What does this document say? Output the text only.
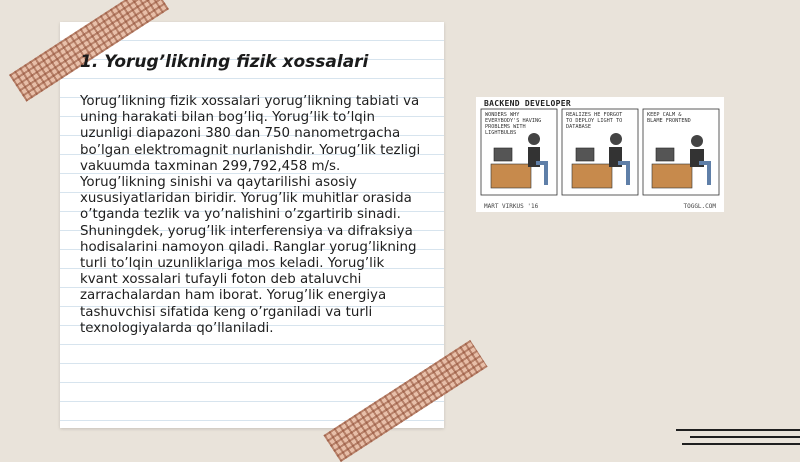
1. Yorug’likning fizik xossalari

Yorug’likning fizik xossalari yorug’likning tabiati va uning harakati bilan bog’liq. Yorug’lik to’lqin uzunligi diapazoni 380 dan 750 nanometrgacha bo’lgan elektromagnit nurlanishdir. Yorug’lik tezligi vakuumda taxminan 299,792,458 m/s. Yorug’likning sinishi va qaytarilishi asosiy xususiyatlaridan biridir. Yorug’lik muhitlar orasida o’tganda tezlik va yo’nalishini o’zgartirib sinadi. Shuningdek, yorug’lik interferensiya va difraksiya hodisalarini namoyon qiladi. Ranglar yorug’likning turli to’lqin uzunliklariga mos keladi. Yorug’lik kvant xossalari tufayli foton deb ataluvchi zarrachalardan ham iborat. Yorug’lik energiya tashuvchisi sifatida keng o’rganiladi va turli texnologiyalarda qo’llaniladi.

BACKEND DEVELOPER
WONDERS WHY
EVERYBODY'S HAVING
PROBLEMS WITH
LIGHTBULBS
REALIZES HE FORGOT
TO DEPLOY LIGHT TO
DATABASE
KEEP CALM &
BLAME FRONTEND
MART VIRKUS '16	TOGGL.COM
